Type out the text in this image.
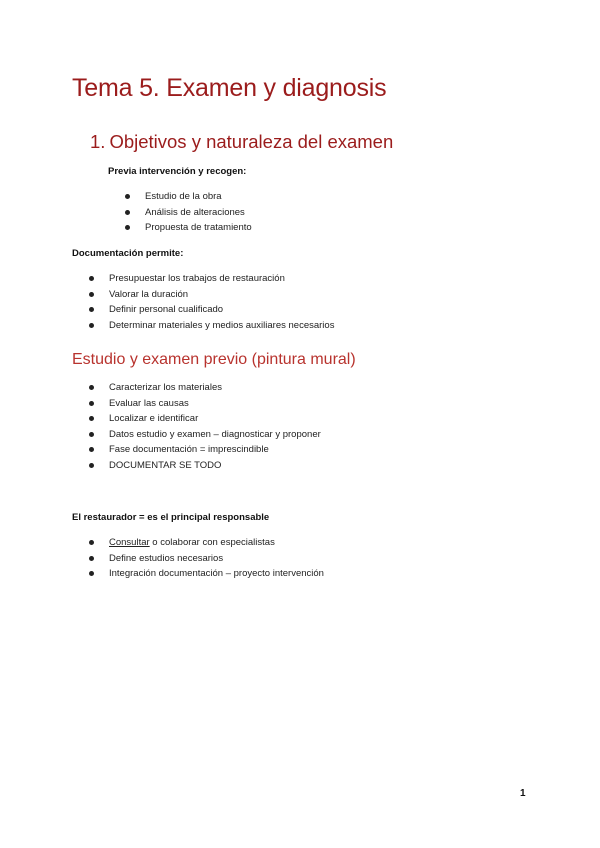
Tema 5. Examen y diagnosis
1. Objetivos y naturaleza del examen

Previa intervención y recogen:

Estudio de la obra
Análisis de alteraciones
Propuesta de tratamiento

Documentación permite:

Presupuestar los trabajos de restauración
Valorar la duración
Definir personal cualificado
Determinar materiales y medios auxiliares necesarios
Estudio y examen previo (pintura mural)
Caracterizar los materiales
Evaluar las causas
Localizar e identificar
Datos estudio y examen – diagnosticar y proponer
Fase documentación = imprescindible
DOCUMENTAR SE TODO

El restaurador = es el principal responsable

Consultar o colaborar con especialistas
Define estudios necesarios
Integración documentación – proyecto intervención
1
